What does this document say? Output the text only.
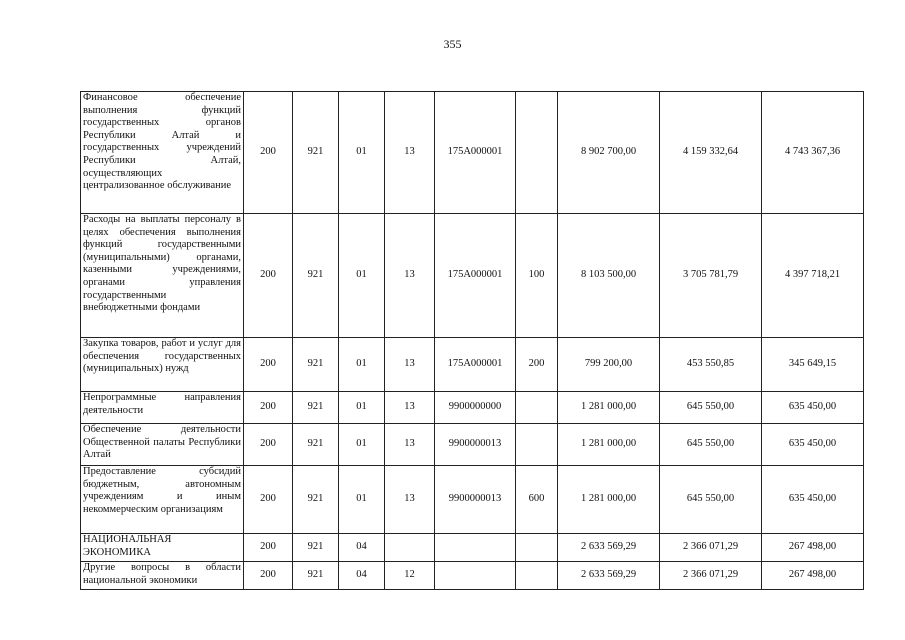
355
Финансовое обеспечение выполнения функций государственных органов Республики Алтай и государственных учреждений Республики Алтай, осуществляющих централизованное обслуживание	200	921	01	13	175А000001		8 902 700,00	4 159 332,64	4 743 367,36
Расходы на выплаты персоналу в целях обеспечения выполнения функций государственными (муниципальными) органами, казенными учреждениями, органами управления государственными внебюджетными фондами	200	921	01	13	175А000001	100	8 103 500,00	3 705 781,79	4 397 718,21
Закупка товаров, работ и услуг для обеспечения государственных (муниципальных) нужд	200	921	01	13	175А000001	200	799 200,00	453 550,85	345 649,15
Непрограммные направления деятельности	200	921	01	13	9900000000		1 281 000,00	645 550,00	635 450,00
Обеспечение деятельности Общественной палаты Республики Алтай	200	921	01	13	9900000013		1 281 000,00	645 550,00	635 450,00
Предоставление субсидий бюджетным, автономным учреждениям и иным некоммерческим организациям	200	921	01	13	9900000013	600	1 281 000,00	645 550,00	635 450,00
НАЦИОНАЛЬНАЯ ЭКОНОМИКА	200	921	04				2 633 569,29	2 366 071,29	267 498,00
Другие вопросы в области национальной экономики	200	921	04	12			2 633 569,29	2 366 071,29	267 498,00
